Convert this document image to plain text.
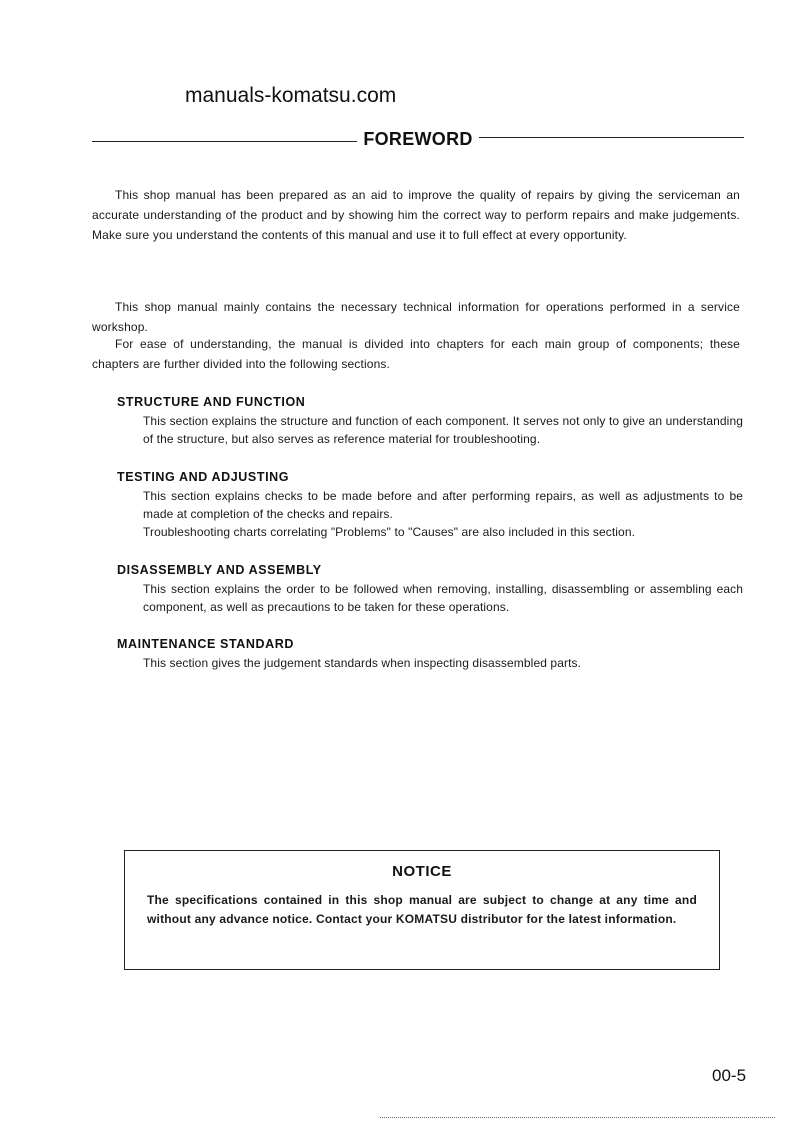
manuals-komatsu.com
FOREWORD
This shop manual has been prepared as an aid to improve the quality of repairs by giving the serviceman an accurate understanding of the product and by showing him the correct way to perform repairs and make judgements. Make sure you understand the contents of this manual and use it to full effect at every opportunity.
This shop manual mainly contains the necessary technical information for operations performed in a service workshop.
For ease of understanding, the manual is divided into chapters for each main group of components; these chapters are further divided into the following sections.
STRUCTURE AND FUNCTION

This section explains the structure and function of each component. It serves not only to give an understanding of the structure, but also serves as reference material for troubleshooting.

TESTING AND ADJUSTING

This section explains checks to be made before and after performing repairs, as well as adjustments to be made at completion of the checks and repairs.

Troubleshooting charts correlating "Problems" to "Causes" are also included in this section.

DISASSEMBLY AND ASSEMBLY

This section explains the order to be followed when removing, installing, disassembling or assembling each component, as well as precautions to be taken for these operations.

MAINTENANCE STANDARD

This section gives the judgement standards when inspecting disassembled parts.

NOTICE

The specifications contained in this shop manual are subject to change at any time and without any advance notice. Contact your KOMATSU distributor for the latest information.

00-5
